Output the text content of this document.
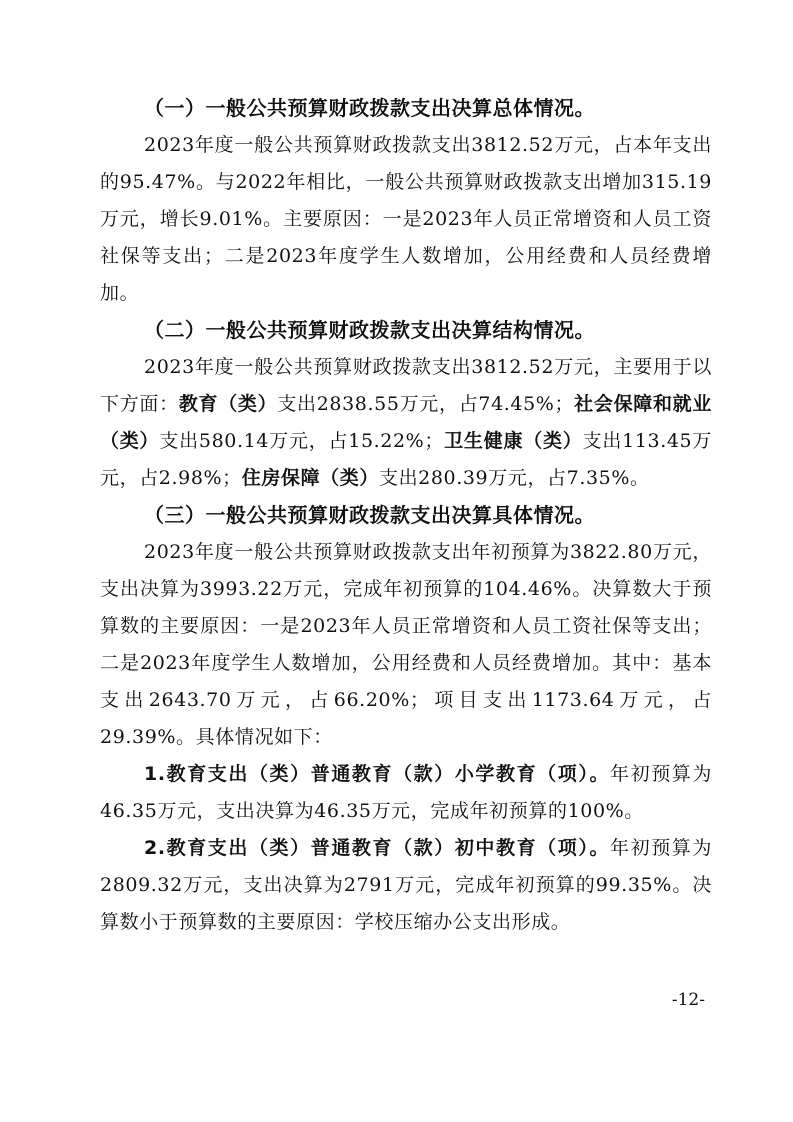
（一）一般公共预算财政拨款支出决算总体情况。

2023年度一般公共预算财政拨款支出3812.52万元，占本年支出的95.47%。与2022年相比，一般公共预算财政拨款支出增加315.19万元，增长9.01%。主要原因：一是2023年人员正常增资和人员工资社保等支出；二是2023年度学生人数增加，公用经费和人员经费增加。

（二）一般公共预算财政拨款支出决算结构情况。

2023年度一般公共预算财政拨款支出3812.52万元，主要用于以下方面：教育（类）支出2838.55万元，占74.45%；社会保障和就业（类）支出580.14万元，占15.22%；卫生健康（类）支出113.45万元，占2.98%；住房保障（类）支出280.39万元，占7.35%。

（三）一般公共预算财政拨款支出决算具体情况。

2023年度一般公共预算财政拨款支出年初预算为3822.80万元，支出决算为3993.22万元，完成年初预算的104.46%。决算数大于预算数的主要原因：一是2023年人员正常增资和人员工资社保等支出；二是2023年度学生人数增加，公用经费和人员经费增加。其中：基本支出2643.70万元，占66.20%；项目支出1173.64万元，占29.39%。具体情况如下：

1.教育支出（类）普通教育（款）小学教育（项）。年初预算为46.35万元，支出决算为46.35万元，完成年初预算的100%。

2.教育支出（类）普通教育（款）初中教育（项）。年初预算为2809.32万元，支出决算为2791万元，完成年初预算的99.35%。决算数小于预算数的主要原因：学校压缩办公支出形成。

-12-
